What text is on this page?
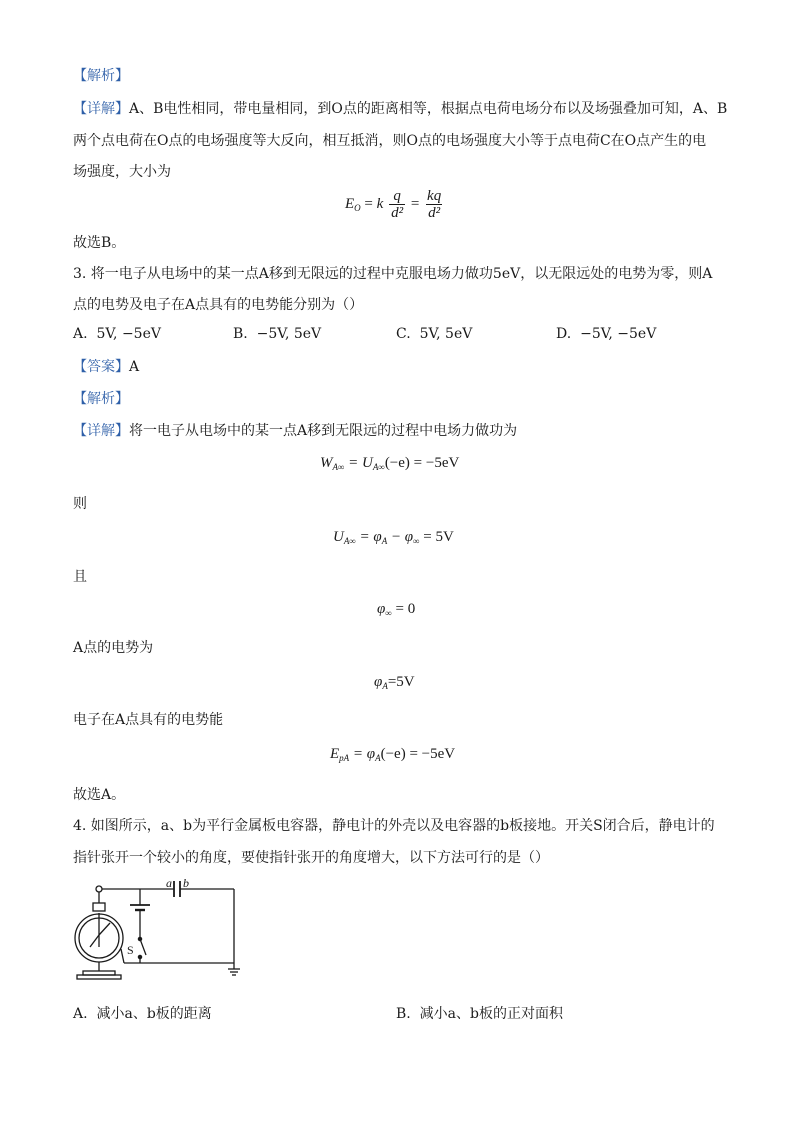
【解析】
【详解】A、B电性相同，带电量相同，到O点的距离相等，根据点电荷电场分布以及场强叠加可知，A、B
两个点电荷在O点的电场强度等大反向，相互抵消，则O点的电场强度大小等于点电荷C在O点产生的电
场强度，大小为
$E_O = k \frac{q}{\text{d²}} = \frac{kq}{\text{d²}}$
故选B。
3. 将一电子从电场中的某一点A移到无限远的过程中克服电场力做功5eV，以无限远处的电势为零，则A
点的电势及电子在A点具有的电势能分别为（）
A. 5V, −5eV	B. −5V, 5eV	C. 5V, 5eV	D. −5V, −5eV
【答案】A
【解析】
【详解】将一电子从电场中的某一点A移到无限远的过程中电场力做功为
$W_{A\infty} = U_{A\infty}(-e) = -5eV$
则
$U_{A\infty} = \varphi_A - \varphi_\infty = 5V$
且
$\varphi_\infty = 0$
A点的电势为
$\varphi_A=5V$
电子在A点具有的电势能
$E_{pA} = \varphi_A(-e) = -5eV$
故选A。
4. 如图所示，a、b为平行金属板电容器，静电计的外壳以及电容器的b板接地。开关S闭合后，静电计的
指针张开一个较小的角度，要使指针张开的角度增大，以下方法可行的是（）
a b
S
A. 减小a、b板的距离	B. 减小a、b板的正对面积
